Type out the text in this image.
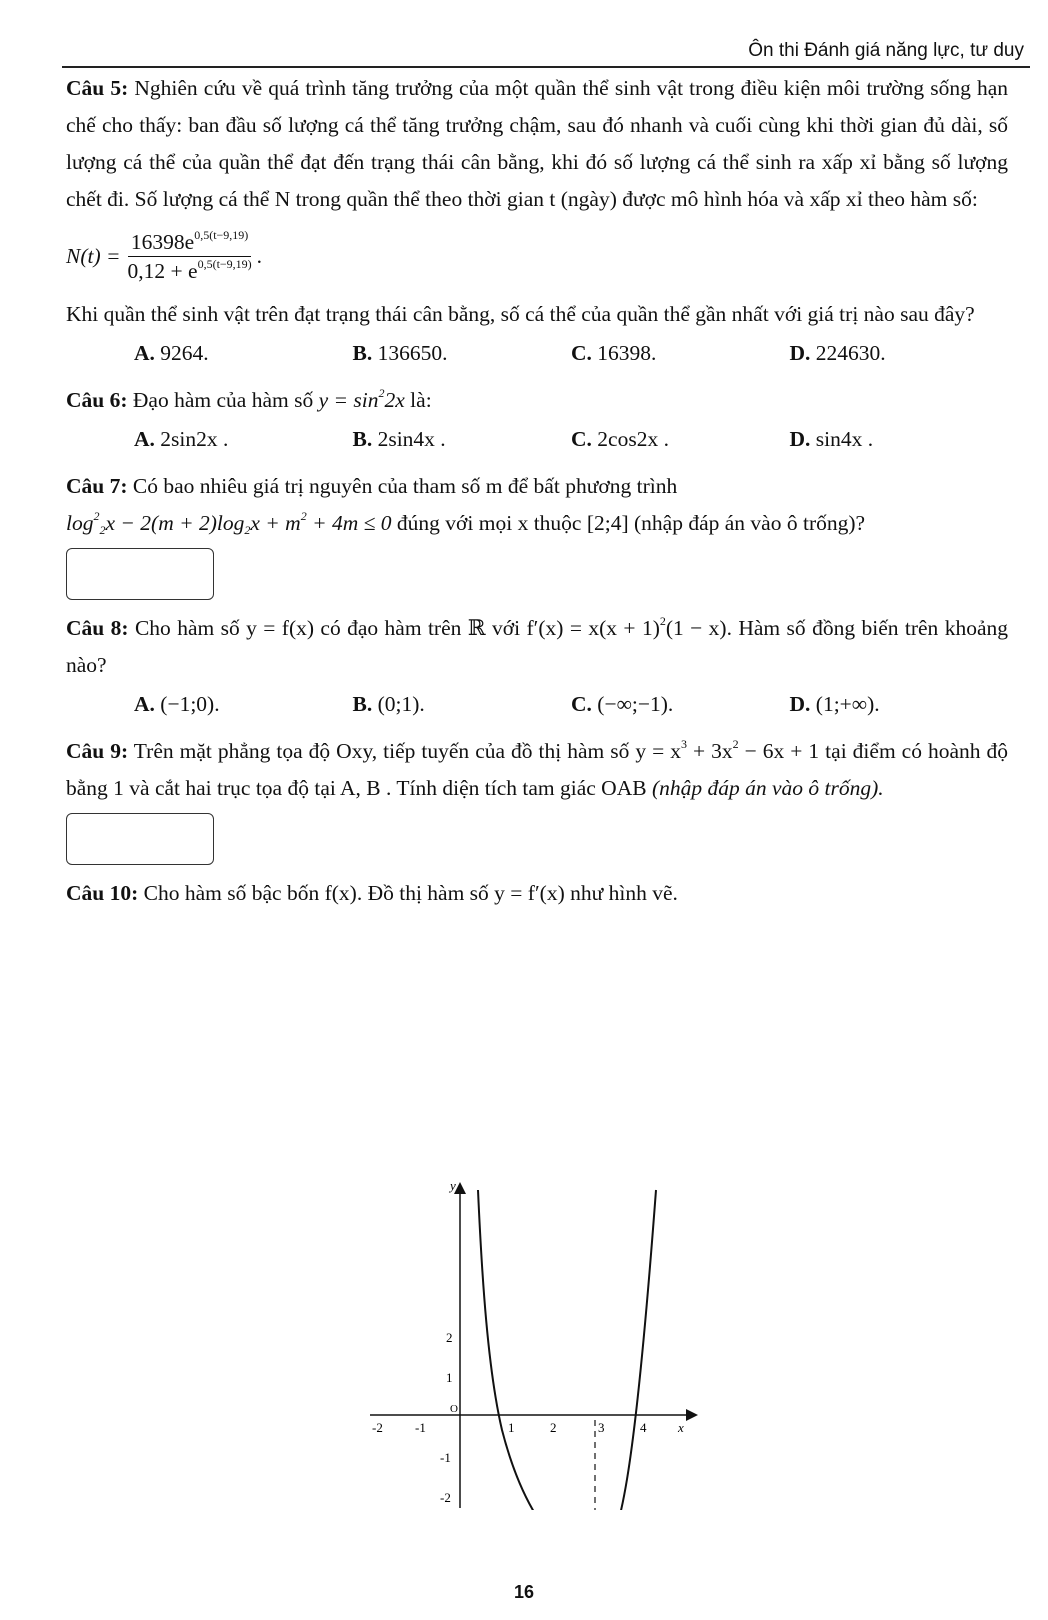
Ôn thi Đánh giá năng lực, tư duy

Câu 5: Nghiên cứu về quá trình tăng trưởng của một quần thể sinh vật trong điều kiện môi trường sống hạn chế cho thấy: ban đầu số lượng cá thể tăng trưởng chậm, sau đó nhanh và cuối cùng khi thời gian đủ dài, số lượng cá thể của quần thể đạt đến trạng thái cân bằng, khi đó số lượng cá thể sinh ra xấp xỉ bằng số lượng chết đi. Số lượng cá thể N trong quần thể theo thời gian t (ngày) được mô hình hóa và xấp xỉ theo hàm số:

$N(t) = \frac{16398e^{0,5(t-9,19)}}{0,12 + e^{0,5(t-9,19)}}$ .

Khi quần thể sinh vật trên đạt trạng thái cân bằng, số cá thể của quần thể gần nhất với giá trị nào sau đây?

A. 9264.	B. 136650.	C. 16398.	D. 224630.

Câu 6: Đạo hàm của hàm số $y = \sin^22x$ là:

A. 2sin2x .	B. 2sin4x .	C. 2cos2x .	D. sin4x .

Câu 7: Có bao nhiêu giá trị nguyên của tham số m để bất phương trình

$\log^2_2x - 2(m + 2)\log_2x + m^2 + 4m \le 0$ đúng với mọi x thuộc [2;4] (nhập đáp án vào ô trống)?

Câu 8: Cho hàm số y = f(x) có đạo hàm trên ℝ với $f'(x) = x(x + 1)^2(1 - x)$. Hàm số đồng biến trên khoảng nào?

A. (−1;0).	B. (0;1).	C. (−∞;−1).	D. (1;+∞).

Câu 9: Trên mặt phẳng tọa độ Oxy, tiếp tuyến của đồ thị hàm số $y = x^3 + 3x^2 - 6x + 1$ tại điểm có hoành độ bằng 1 và cắt hai trục tọa độ tại A, B . Tính diện tích tam giác OAB (nhập đáp án vào ô trống).

Câu 10: Cho hàm số bậc bốn f(x). Đồ thị hàm số y = f′(x) như hình vẽ.

y
x
O
-2 -1	1	2	3	4
2
1
-1
-2
16
